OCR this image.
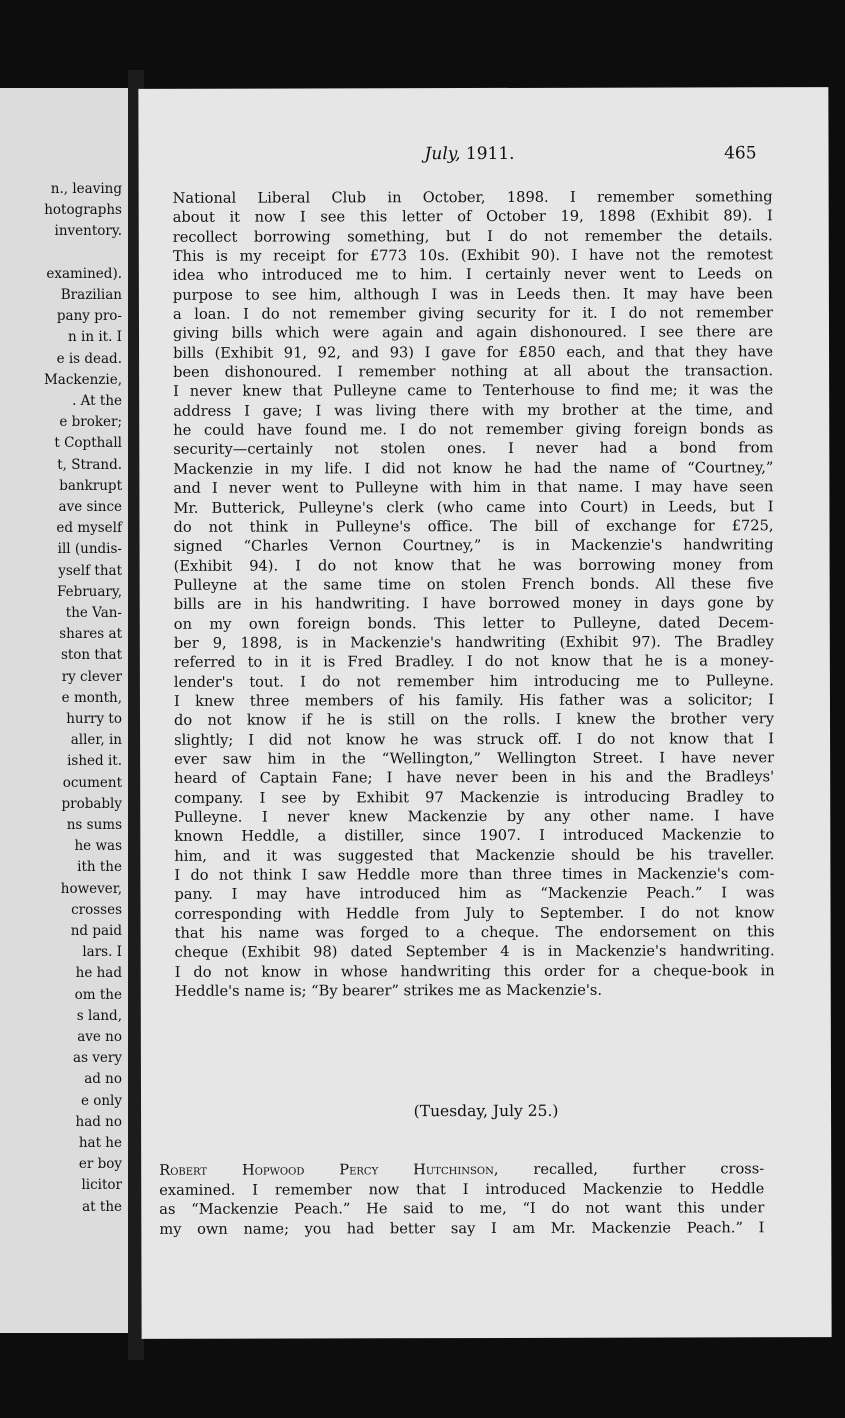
n., leaving
hotographs
inventory.
examined).
Brazilian
pany pro-
n in it. I
e is dead.
Mackenzie,
. At the
e broker;
t Copthall
t, Strand.
bankrupt
ave since
ed myself
ill (undis-
yself that
February,
the Van-
shares at
ston that
ry clever
e month,
hurry to
aller, in
ished it.
ocument
probably
ns sums
he was
ith the
however,
crosses
nd paid
lars. I
he had
om the
s land,
ave no
as very
ad no
e only
had no
hat he
er boy
licitor
at the
July, 1911.	465
National Liberal Club in October, 1898. I remember something
about it now I see this letter of October 19, 1898 (Exhibit 89). I
recollect borrowing something, but I do not remember the details.
This is my receipt for £773 10s. (Exhibit 90). I have not the remotest
idea who introduced me to him. I certainly never went to Leeds on
purpose to see him, although I was in Leeds then. It may have been
a loan. I do not remember giving security for it. I do not remember
giving bills which were again and again dishonoured. I see there are
bills (Exhibit 91, 92, and 93) I gave for £850 each, and that they have
been dishonoured. I remember nothing at all about the transaction.
I never knew that Pulleyne came to Tenterhouse to find me; it was the
address I gave; I was living there with my brother at the time, and
he could have found me. I do not remember giving foreign bonds as
security—certainly not stolen ones. I never had a bond from
Mackenzie in my life. I did not know he had the name of “Courtney,”
and I never went to Pulleyne with him in that name. I may have seen
Mr. Butterick, Pulleyne's clerk (who came into Court) in Leeds, but I
do not think in Pulleyne's office. The bill of exchange for £725,
signed “Charles Vernon Courtney,” is in Mackenzie's handwriting
(Exhibit 94). I do not know that he was borrowing money from
Pulleyne at the same time on stolen French bonds. All these five
bills are in his handwriting. I have borrowed money in days gone by
on my own foreign bonds. This letter to Pulleyne, dated Decem-
ber 9, 1898, is in Mackenzie's handwriting (Exhibit 97). The Bradley
referred to in it is Fred Bradley. I do not know that he is a money-
lender's tout. I do not remember him introducing me to Pulleyne.
I knew three members of his family. His father was a solicitor; I
do not know if he is still on the rolls. I knew the brother very
slightly; I did not know he was struck off. I do not know that I
ever saw him in the “Wellington,” Wellington Street. I have never
heard of Captain Fane; I have never been in his and the Bradleys'
company. I see by Exhibit 97 Mackenzie is introducing Bradley to
Pulleyne. I never knew Mackenzie by any other name. I have
known Heddle, a distiller, since 1907. I introduced Mackenzie to
him, and it was suggested that Mackenzie should be his traveller.
I do not think I saw Heddle more than three times in Mackenzie's com-
pany. I may have introduced him as “Mackenzie Peach.” I was
corresponding with Heddle from July to September. I do not know
that his name was forged to a cheque. The endorsement on this
cheque (Exhibit 98) dated September 4 is in Mackenzie's handwriting.
I do not know in whose handwriting this order for a cheque-book in
Heddle's name is; “By bearer” strikes me as Mackenzie's.
(Tuesday, July 25.)
Robert Hopwood Percy Hutchinson, recalled, further cross-
examined. I remember now that I introduced Mackenzie to Heddle
as “Mackenzie Peach.” He said to me, “I do not want this under
my own name; you had better say I am Mr. Mackenzie Peach.” I
